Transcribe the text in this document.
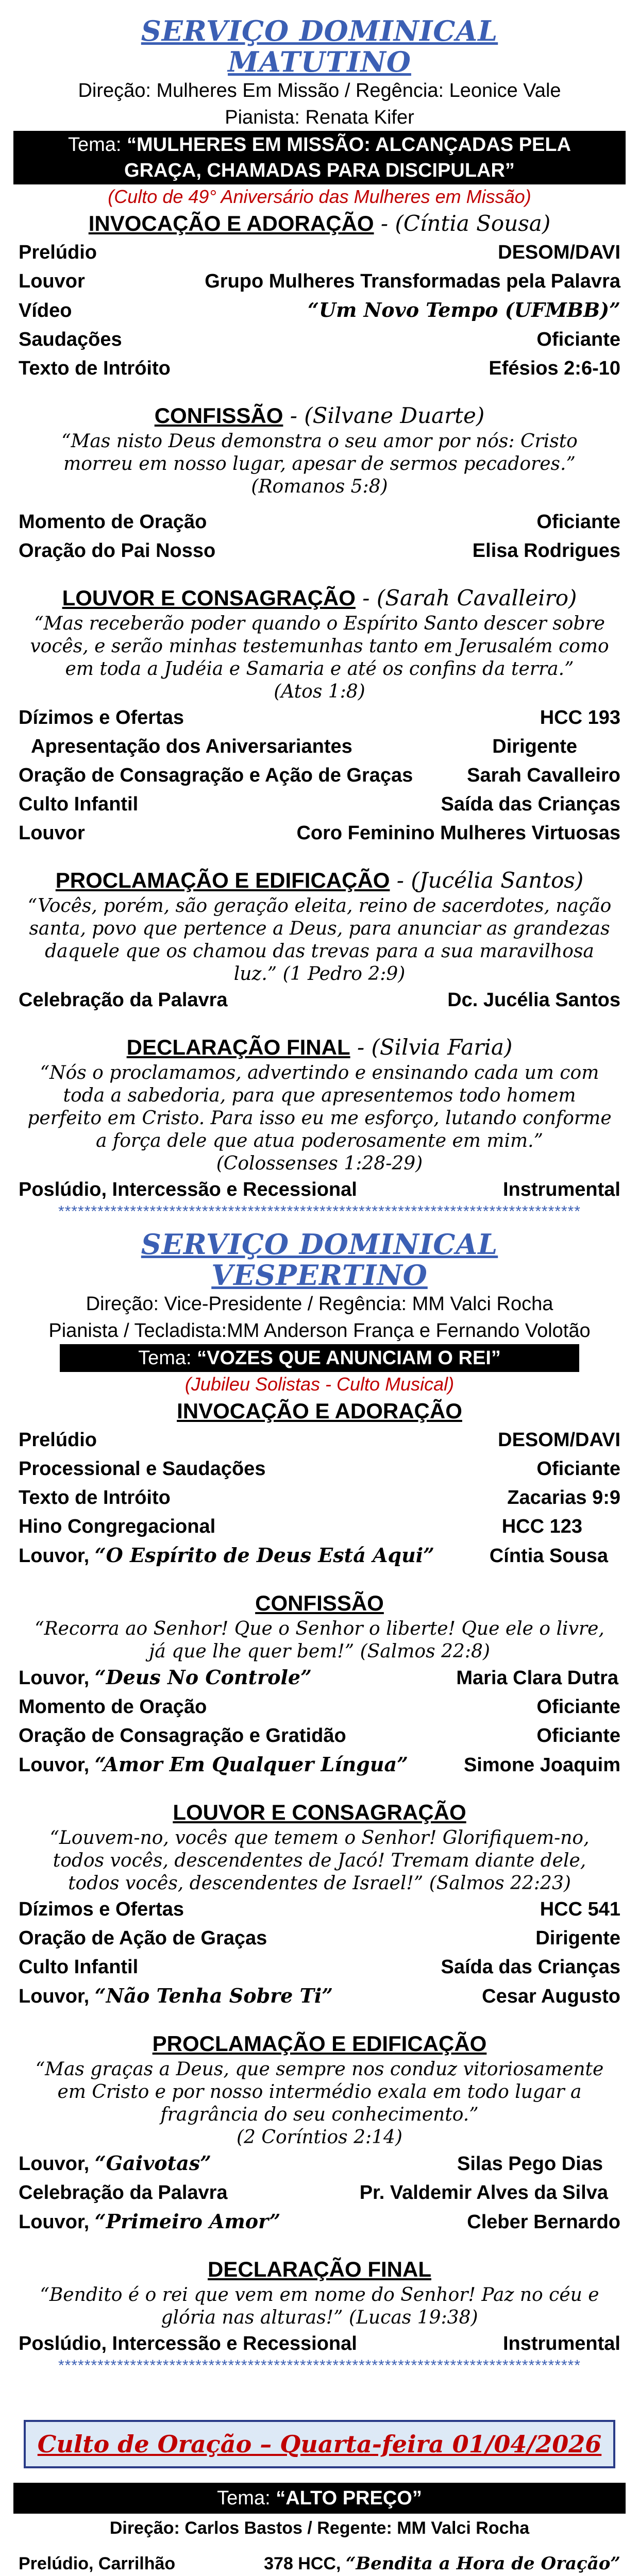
SERVIÇO DOMINICAL
MATUTINO
Direção: Mulheres Em Missão / Regência: Leonice Vale
Pianista: Renata Kifer
Tema: “MULHERES EM MISSÃO: ALCANÇADAS PELA
GRAÇA, CHAMADAS PARA DISCIPULAR”
(Culto de 49° Aniversário das Mulheres em Missão)
INVOCAÇÃO E ADORAÇÃO - (Cíntia Sousa)
Prelúdio	DESOM/DAVI
Louvor	Grupo Mulheres Transformadas pela Palavra
Vídeo	“Um Novo Tempo (UFMBB)”
Saudações	Oficiante
Texto de Intróito	Efésios 2:6-10
CONFISSÃO - (Silvane Duarte)
“Mas nisto Deus demonstra o seu amor por nós: Cristo
morreu em nosso lugar, apesar de sermos pecadores.”
(Romanos 5:8)
Momento de Oração	Oficiante
Oração do Pai Nosso	Elisa Rodrigues
LOUVOR E CONSAGRAÇÃO - (Sarah Cavalleiro)
“Mas receberão poder quando o Espírito Santo descer sobre
vocês, e serão minhas testemunhas tanto em Jerusalém como
em toda a Judéia e Samaria e até os confins da terra.”
(Atos 1:8)
Dízimos e Ofertas	HCC 193
Apresentação dos Aniversariantes	Dirigente
Oração de Consagração e Ação de Graças	Sarah Cavalleiro
Culto Infantil	Saída das Crianças
Louvor	Coro Feminino Mulheres Virtuosas
PROCLAMAÇÃO E EDIFICAÇÃO - (Jucélia Santos)
“Vocês, porém, são geração eleita, reino de sacerdotes, nação
santa, povo que pertence a Deus, para anunciar as grandezas
daquele que os chamou das trevas para a sua maravilhosa
luz.” (1 Pedro 2:9)
Celebração da Palavra	Dc. Jucélia Santos
DECLARAÇÃO FINAL - (Silvia Faria)
“Nós o proclamamos, advertindo e ensinando cada um com
toda a sabedoria, para que apresentemos todo homem
perfeito em Cristo. Para isso eu me esforço, lutando conforme
a força dele que atua poderosamente em mim.”
(Colossenses 1:28-29)
Poslúdio, Intercessão e Recessional	Instrumental
********************************************************************************
SERVIÇO DOMINICAL
VESPERTINO
Direção: Vice-Presidente / Regência: MM Valci Rocha
Pianista / Tecladista:MM Anderson França e Fernando Volotão
Tema: “VOZES QUE ANUNCIAM O REI”
(Jubileu Solistas - Culto Musical)
INVOCAÇÃO E ADORAÇÃO
Prelúdio	DESOM/DAVI
Processional e Saudações	Oficiante
Texto de Intróito	Zacarias 9:9
Hino Congregacional	HCC 123
Louvor, “O Espírito de Deus Está Aqui”	Cíntia Sousa
CONFISSÃO
“Recorra ao Senhor! Que o Senhor o liberte! Que ele o livre,
já que lhe quer bem!” (Salmos 22:8)
Louvor, “Deus No Controle”	Maria Clara Dutra
Momento de Oração	Oficiante
Oração de Consagração e Gratidão	Oficiante
Louvor, “Amor Em Qualquer Língua”	Simone Joaquim
LOUVOR E CONSAGRAÇÃO
“Louvem-no, vocês que temem o Senhor! Glorifiquem-no,
todos vocês, descendentes de Jacó! Tremam diante dele,
todos vocês, descendentes de Israel!” (Salmos 22:23)
Dízimos e Ofertas	HCC 541
Oração de Ação de Graças	Dirigente
Culto Infantil	Saída das Crianças
Louvor, “Não Tenha Sobre Ti”	Cesar Augusto
PROCLAMAÇÃO E EDIFICAÇÃO
“Mas graças a Deus, que sempre nos conduz vitoriosamente
em Cristo e por nosso intermédio exala em todo lugar a
fragrância do seu conhecimento.”
(2 Coríntios 2:14)
Louvor, “Gaivotas”	Silas Pego Dias
Celebração da Palavra	Pr. Valdemir Alves da Silva
Louvor, “Primeiro Amor”	Cleber Bernardo
DECLARAÇÃO FINAL
“Bendito é o rei que vem em nome do Senhor! Paz no céu e
glória nas alturas!” (Lucas 19:38)
Poslúdio, Intercessão e Recessional	Instrumental
********************************************************************************
Culto de Oração – Quarta-feira 01/04/2026
Tema: “ALTO PREÇO”
Direção: Carlos Bastos / Regente: MM Valci Rocha
Prelúdio, Carrilhão	378 HCC, “Bendita a Hora de Oração”
